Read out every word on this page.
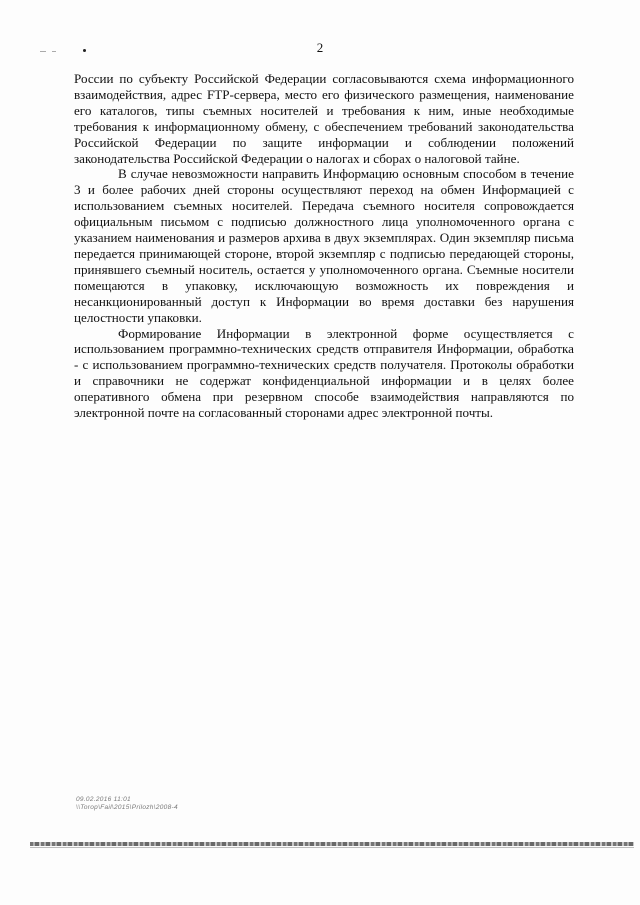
2

России по субъекту Российской Федерации согласовываются схема информационного взаимодействия, адрес FTP-сервера, место его физического размещения, наименование его каталогов, типы съемных носителей и требования к ним, иные необходимые требования к информационному обмену, с обеспечением требований законодательства Российской Федерации по защите информации и соблюдении положений законодательства Российской Федерации о налогах и сборах о налоговой тайне.

В случае невозможности направить Информацию основным способом в течение 3 и более рабочих дней стороны осуществляют переход на обмен Информацией с использованием съемных носителей. Передача съемного носителя сопровождается официальным письмом с подписью должностного лица уполномоченного органа с указанием наименования и размеров архива в двух экземплярах. Один экземпляр письма передается принимающей стороне, второй экземпляр с подписью передающей стороны, принявшего съемный носитель, остается у уполномоченного органа. Съемные носители помещаются в упаковку, исключающую возможность их повреждения и несанкционированный доступ к Информации во время доставки без нарушения целостности упаковки.

Формирование Информации в электронной форме осуществляется с использованием программно-технических средств отправителя Информации, обработка - с использованием программно-технических средств получателя. Протоколы обработки и справочники не содержат конфиденциальной информации и в целях более оперативного обмена при резервном способе взаимодействия направляются по электронной почте на согласованный сторонами адрес электронной почты.

09.02.2016 11:01
\\Torop\Fail\2015\Prilozh\2008-4
